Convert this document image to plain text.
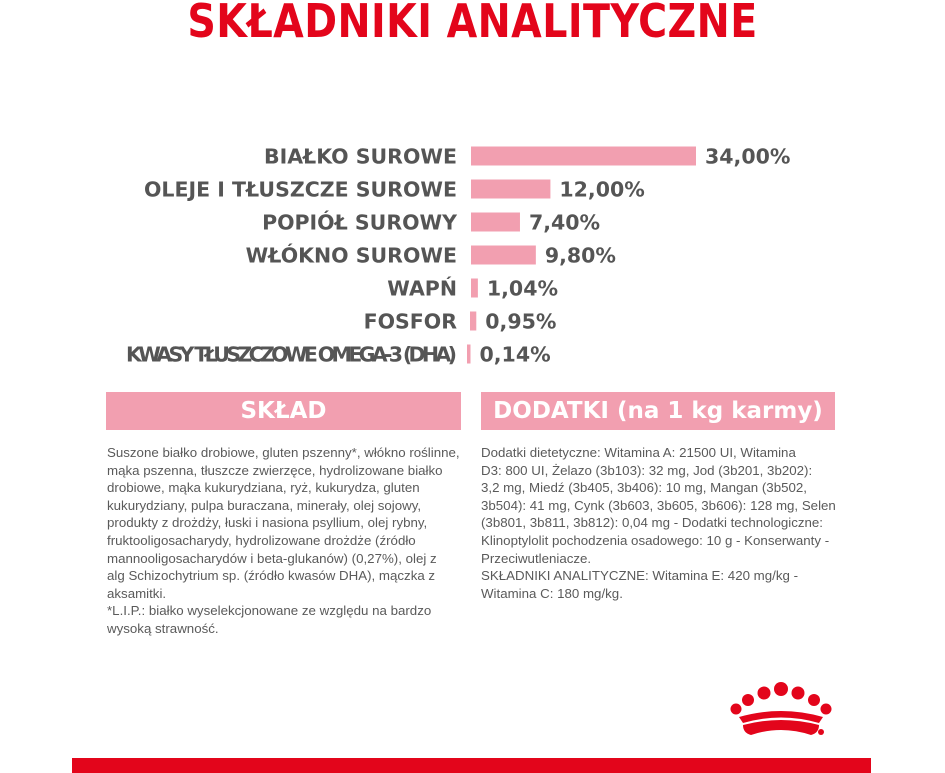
SKŁADNIKI ANALITYCZNE
BIAŁKO SUROWE	34,00%
OLEJE I TŁUSZCZE SUROWE	12,00%
POPIÓŁ SUROWY	7,40%
WŁÓKNO SUROWE	9,80%
WAPŃ 1,04%
FOSFOR 0,95%
KWASY TŁUSZCZOWE OMEGA-3 (DHA) 0,14%
SKŁAD	DODATKI (na 1 kg karmy)
Suszone białko drobiowe, gluten pszenny*, włókno roślinne,
mąka pszenna, tłuszcze zwierzęce, hydrolizowane białko
drobiowe, mąka kukurydziana, ryż, kukurydza, gluten
kukurydziany, pulpa buraczana, minerały, olej sojowy,
produkty z drożdży, łuski i nasiona psyllium, olej rybny,
fruktooligosacharydy, hydrolizowane drożdże (źródło
mannooligosacharydów i beta-glukanów) (0,27%), olej z
alg Schizochytrium sp. (źródło kwasów DHA), mączka z
aksamitki.
*L.I.P.: białko wyselekcjonowane ze względu na bardzo
wysoką strawność.
Dodatki dietetyczne: Witamina A: 21500 UI, Witamina
D3: 800 UI, Żelazo (3b103): 32 mg, Jod (3b201, 3b202):
3,2 mg, Miedź (3b405, 3b406): 10 mg, Mangan (3b502,
3b504): 41 mg, Cynk (3b603, 3b605, 3b606): 128 mg, Selen
(3b801, 3b811, 3b812): 0,04 mg - Dodatki technologiczne:
Klinoptylolit pochodzenia osadowego: 10 g - Konserwanty -
Przeciwutleniacze.
SKŁADNIKI ANALITYCZNE: Witamina E: 420 mg/kg -
Witamina C: 180 mg/kg.
